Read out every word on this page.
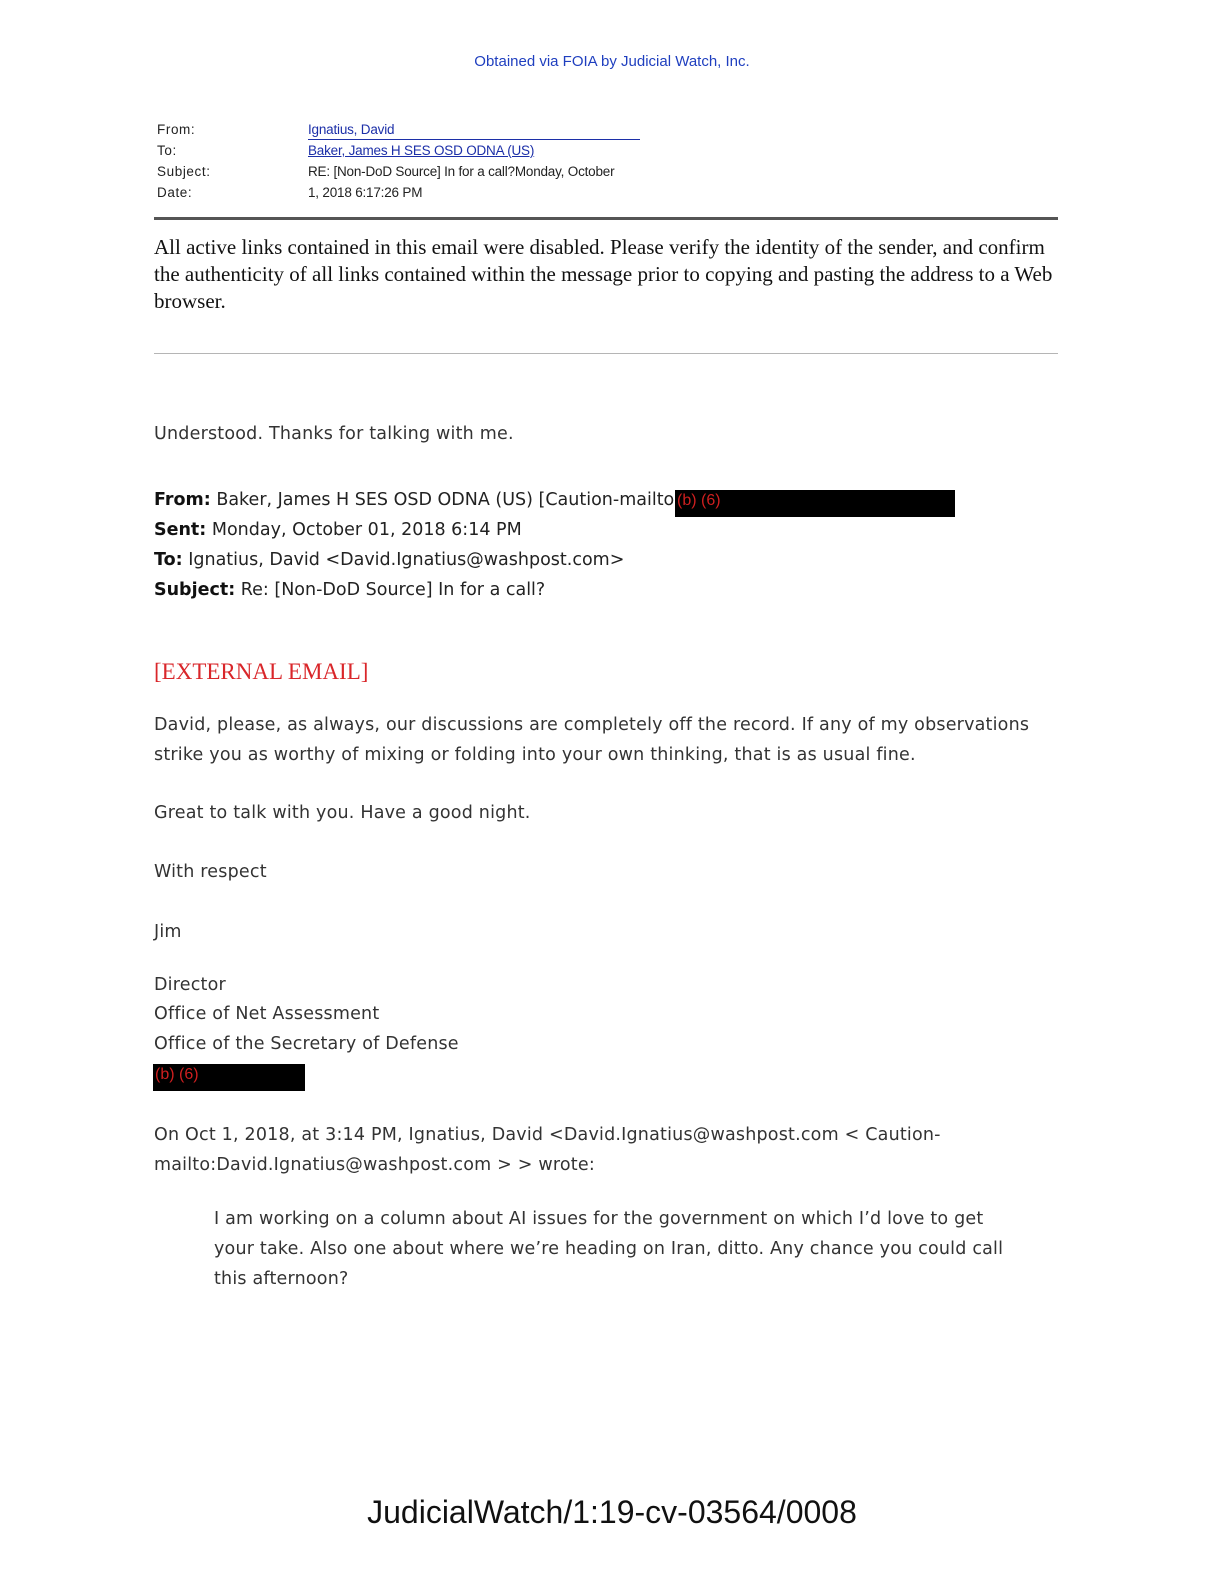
Obtained via FOIA by Judicial Watch, Inc.
From:	Ignatius, David
To:	Baker, James H SES OSD ODNA (US)
Subject:	RE: [Non-DoD Source] In for a call?Monday, October
Date:	1, 2018 6:17:26 PM
All active links contained in this email were disabled. Please verify the identity of the sender, and confirm the authenticity of all links contained within the message prior to copying and pasting the address to a Web browser.
Understood. Thanks for talking with me.
From: Baker, James H SES OSD ODNA (US) [Caution-mailto (b) (6)
Sent: Monday, October 01, 2018 6:14 PM
To: Ignatius, David <David.Ignatius@washpost.com>
Subject: Re: [Non-DoD Source] In for a call?
[EXTERNAL EMAIL]
David, please, as always, our discussions are completely off the record. If any of my observations strike you as worthy of mixing or folding into your own thinking, that is as usual fine.
Great to talk with you. Have a good night.
With respect
Jim
Director
Office of Net Assessment
Office of the Secretary of Defense
(b) (6)
On Oct 1, 2018, at 3:14 PM, Ignatius, David <David.Ignatius@washpost.com < Caution-mailto:David.Ignatius@washpost.com > > wrote:
I am working on a column about AI issues for the government on which I’d love to get your take. Also one about where we’re heading on Iran, ditto. Any chance you could call this afternoon?
JudicialWatch/1:19-cv-03564/0008
